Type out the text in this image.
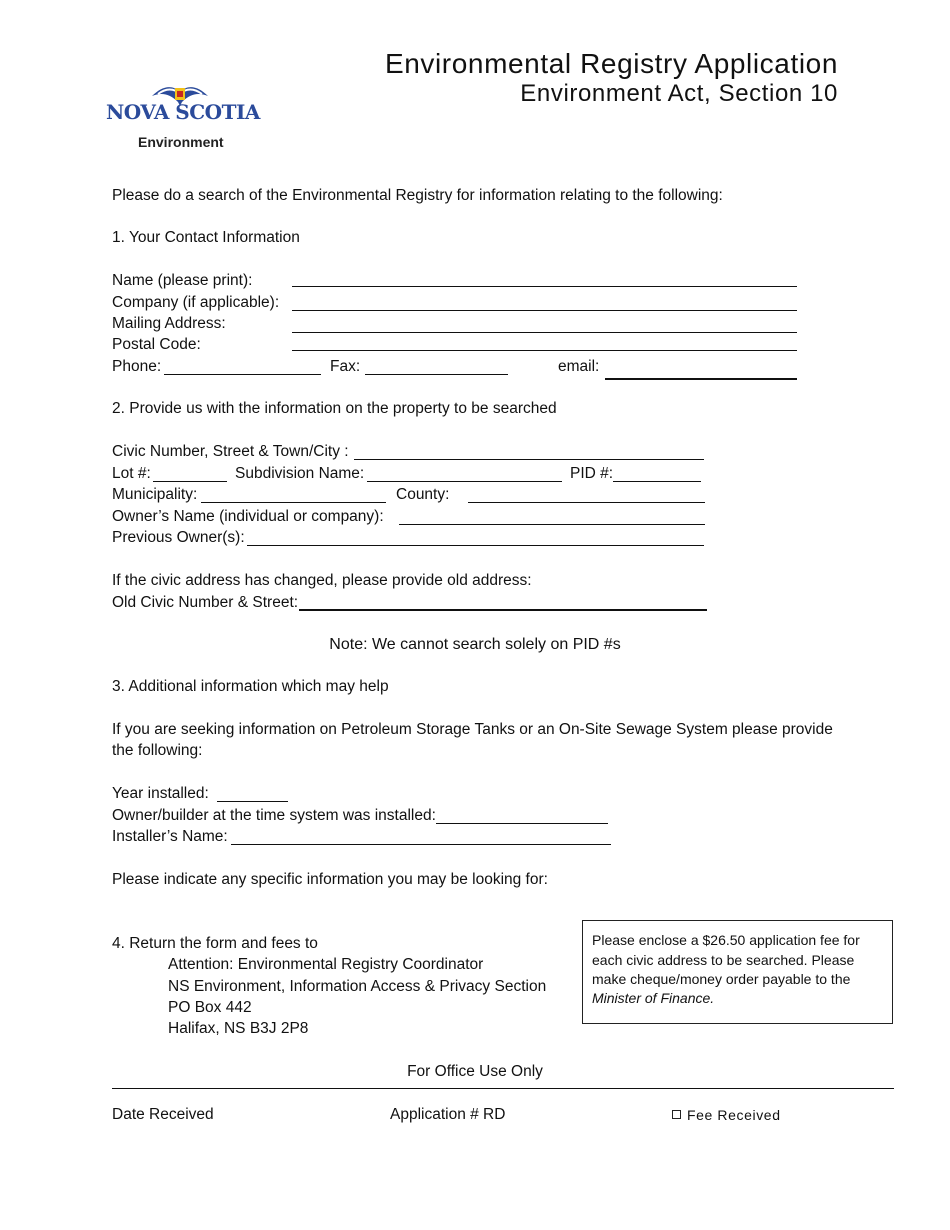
NOVA SCOTIA
Environment
Environmental Registry Application
Environment Act, Section 10
Please do a search of the Environmental Registry for information relating to the following:
1. Your Contact Information
Name (please print):
Company (if applicable):
Mailing Address:
Postal Code:
Phone:	Fax:	email:
2. Provide us with the information on the property to be searched
Civic Number, Street & Town/City :
Lot #:	Subdivision Name:	PID #:
Municipality:	County:
Owner’s Name (individual or company):
Previous Owner(s):
If the civic address has changed, please provide old address:
Old Civic Number & Street:
Note: We cannot search solely on PID #s
3. Additional information which may help
If you are seeking information on Petroleum Storage Tanks or an On-Site Sewage System please provide
the following:
Year installed:
Owner/builder at the time system was installed:
Installer’s Name:
Please indicate any specific information you may be looking for:
4. Return the form and fees to
Attention: Environmental Registry Coordinator
NS Environment, Information Access & Privacy Section
PO Box 442
Halifax, NS B3J 2P8
Please enclose a $26.50 application fee for
each civic address to be searched. Please
make cheque/money order payable to the
Minister of Finance.
For Office Use Only
Date Received	Application # RD	Fee Received
